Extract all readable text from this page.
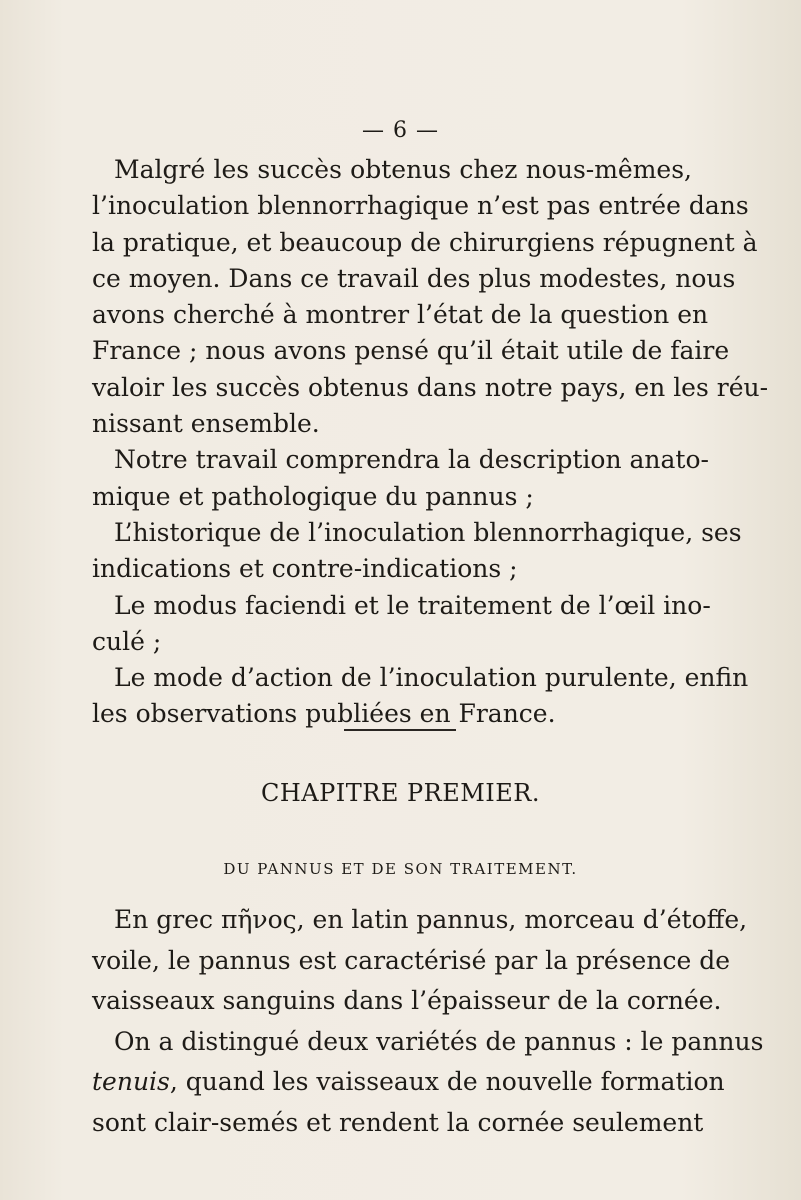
— 6 —
Malgré les succès obtenus chez nous-mêmes,
l’inoculation blennorrhagique n’est pas entrée dans
la pratique, et beaucoup de chirurgiens répugnent à
ce moyen. Dans ce travail des plus modestes, nous
avons cherché à montrer l’état de la question en
France ; nous avons pensé qu’il était utile de faire
valoir les succès obtenus dans notre pays, en les réu-
nissant ensemble.
Notre travail comprendra la description anato-
mique et pathologique du pannus ;
L’historique de l’inoculation blennorrhagique, ses
indications et contre-indications ;
Le modus faciendi et le traitement de l’œil ino-
culé ;
Le mode d’action de l’inoculation purulente, enfin
les observations publiées en France.
CHAPITRE PREMIER.
DU PANNUS ET DE SON TRAITEMENT.
En grec πῆνος, en latin pannus, morceau d’étoffe,
voile, le pannus est caractérisé par la présence de
vaisseaux sanguins dans l’épaisseur de la cornée.
On a distingué deux variétés de pannus : le pannus
tenuis, quand les vaisseaux de nouvelle formation
sont clair-semés et rendent la cornée seulement
